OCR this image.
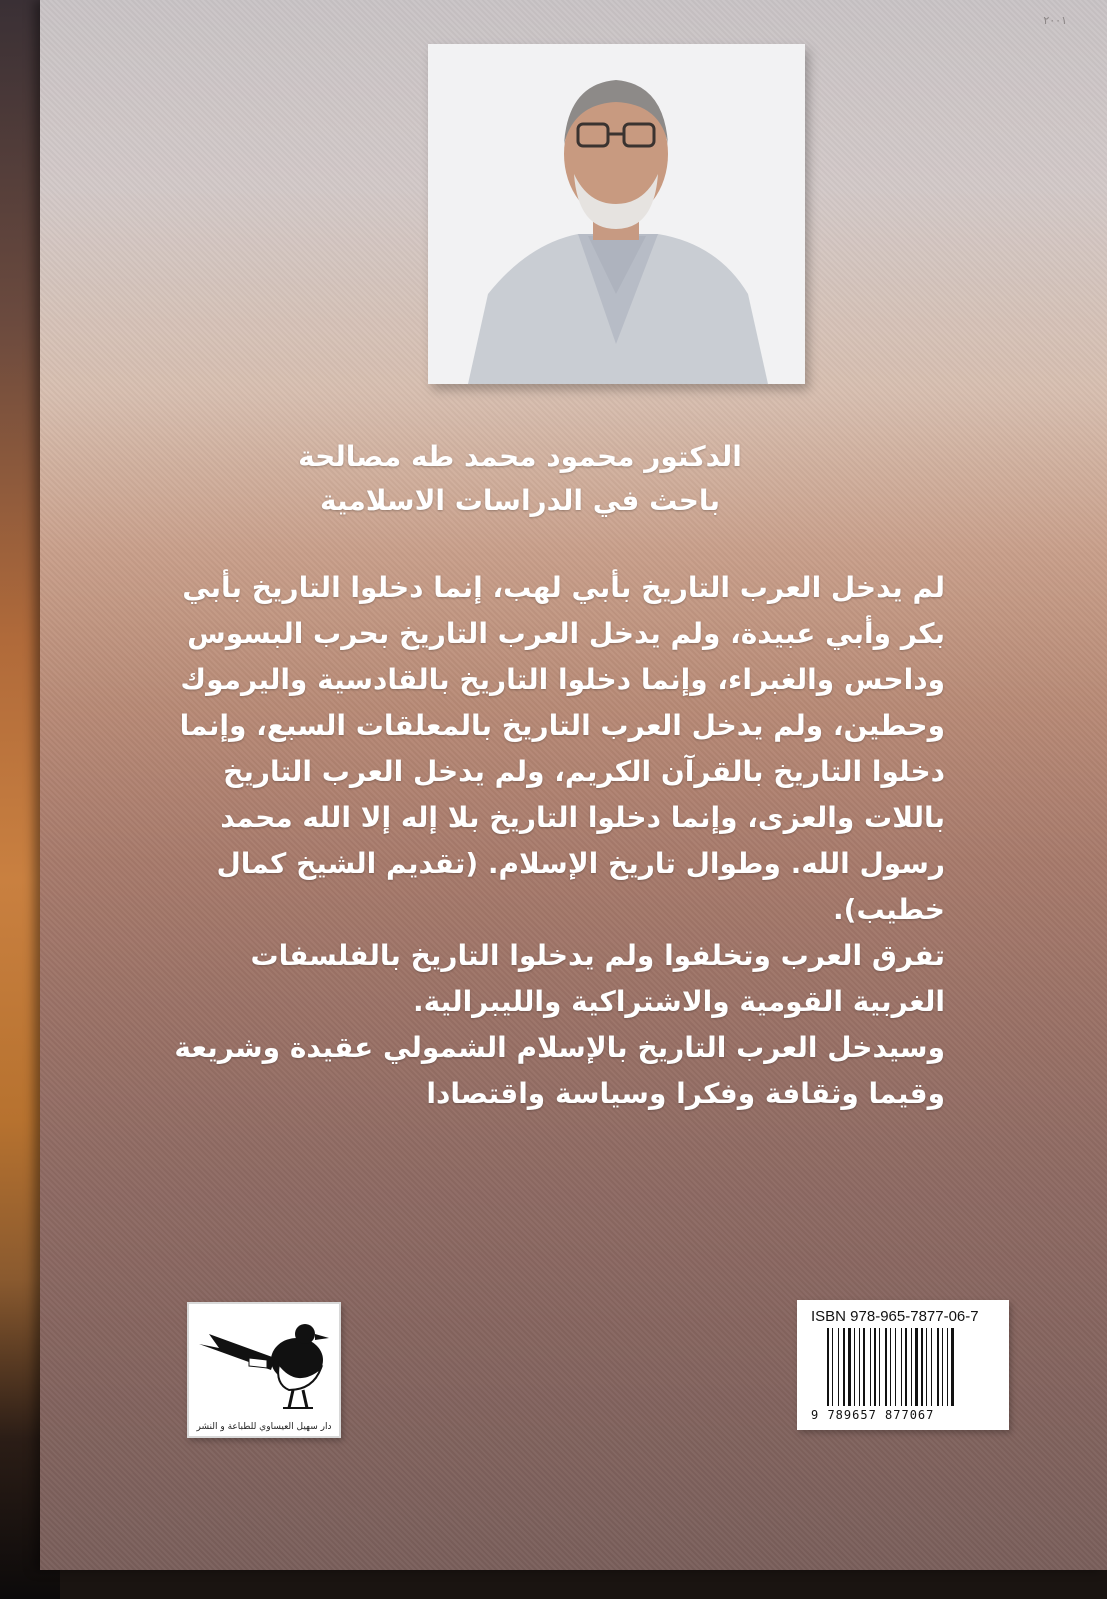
٢٠٠١
الدكتور محمود محمد طه مصالحة
باحث في الدراسات الاسلامية

لم يدخل العرب التاريخ بأبي لهب، إنما دخلوا التاريخ بأبي بكر وأبي عبيدة، ولم يدخل العرب التاريخ بحرب البسوس وداحس والغبراء، وإنما دخلوا التاريخ بالقادسية واليرموك وحطين، ولم يدخل العرب التاريخ بالمعلقات السبع، وإنما دخلوا التاريخ بالقرآن الكريم، ولم يدخل العرب التاريخ باللات والعزى، وإنما دخلوا التاريخ بلا إله إلا الله محمد رسول الله. وطوال تاريخ الإسلام. (تقديم الشيخ كمال خطيب).

تفرق العرب وتخلفوا ولم يدخلوا التاريخ بالفلسفات الغربية القومية والاشتراكية والليبرالية.

وسيدخل العرب التاريخ بالإسلام الشمولي عقيدة وشريعة وقيما وثقافة وفكرا وسياسة واقتصادا

دار سهيل العيساوي للطباعة و النشر
ISBN 978-965-7877-06-7
9 789657 877067
